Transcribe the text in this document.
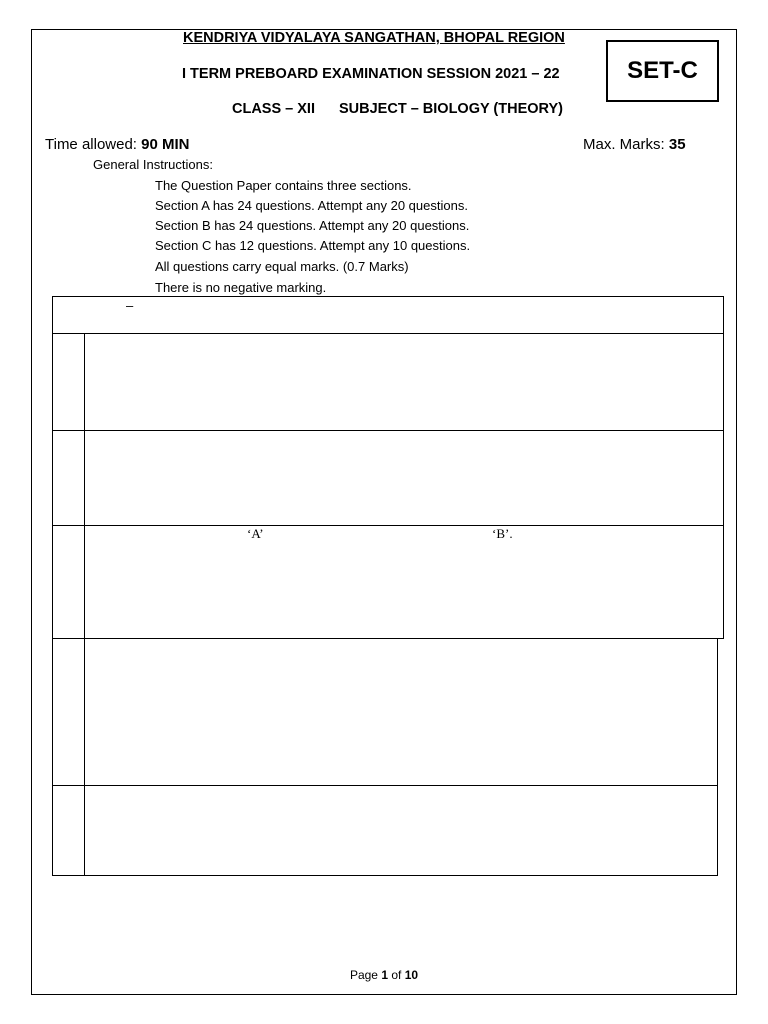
KENDRIYA VIDYALAYA SANGATHAN, BHOPAL REGION
I TERM PREBOARD EXAMINATION SESSION 2021 – 22
CLASS – XII SUBJECT – BIOLOGY (THEORY)
SET-C
Time allowed: 90 MIN	Max. Marks: 35
General Instructions:
The Question Paper contains three sections.
Section A has 24 questions. Attempt any 20 questions.
Section B has 24 questions. Attempt any 20 questions.
Section C has 12 questions. Attempt any 10 questions.
All questions carry equal marks. (0.7 Marks)
There is no negative marking.
–
‘A’	‘B’.
Page 1 of 10
